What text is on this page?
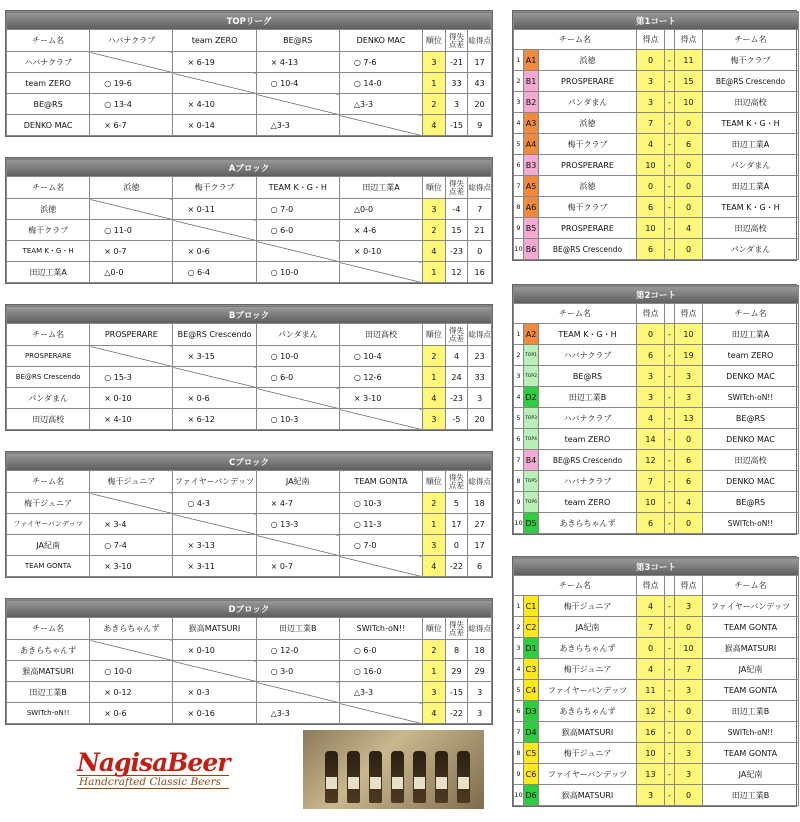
TOPリーグ							
チーム名	ハバナクラブ	team ZERO	BE@RS	DENKO MAC	順位	得失点差	総得点
ハバナクラブ		× 6-19	× 4-13	○ 7-6	3	-21	17
team ZERO	○ 19-6		○ 10-4	○ 14-0	1	33	43
BE@RS	○ 13-4	× 4-10		△3-3	2	3	20
DENKO MAC	× 6-7	× 0-14	△3-3		4	-15	9
Aブロック							
チーム名	浜徳	梅干クラブ	TEAM K・G・H	田辺工業A	順位	得失点差	総得点
浜徳		× 0-11	○ 7-0	△0-0	3	-4	7
梅干クラブ	○ 11-0		○ 6-0	× 4-6	2	15	21
TEAM K・G・H	× 0-7	× 0-6		× 0-10	4	-23	0
田辺工業A	△0-0	○ 6-4	○ 10-0		1	12	16
Bブロック							
チーム名	PROSPERARE	BE@RS Crescendo	パンダまん	田辺高校	順位	得失点差	総得点
PROSPERARE		× 3-15	○ 10-0	○ 10-4	2	4	23
BE@RS Crescendo	○ 15-3		○ 6-0	○ 12-6	1	24	33
パンダまん	× 0-10	× 0-6		× 3-10	4	-23	3
田辺高校	× 4-10	× 6-12	○ 10-3		3	-5	20
Cブロック							
チーム名	梅干ジュニア	ファイヤーバンデッツ	JA紀南	TEAM GONTA	順位	得失点差	総得点
梅干ジュニア		○ 4-3	× 4-7	○ 10-3	2	5	18
ファイヤーバンデッツ	× 3-4		○ 13-3	○ 11-3	1	17	27
JA紀南	○ 7-4	× 3-13		○ 7-0	3	0	17
TEAM GONTA	× 3-10	× 3-11	× 0-7		4	-22	6
Dブロック							
チーム名	あきらちゃんず	猴高MATSURI	田辺工業B	SWITch-oN!!	順位	得失点差	総得点
あきらちゃんず		× 0-10	○ 12-0	○ 6-0	2	8	18
猴高MATSURI	○ 10-0		○ 3-0	○ 16-0	1	29	29
田辺工業B	× 0-12	× 0-3		△3-3	3	-15	3
SWITch-oN!!	× 0-6	× 0-16	△3-3		4	-22	3
第1コート						
チーム名			得点		得点	チーム名
1	A1	浜徳	0	-	11	梅干クラブ
2	B1	PROSPERARE	3	-	15	BE@RS Crescendo
3	B2	パンダまん	3	-	10	田辺高校
4	A3	浜徳	7	-	0	TEAM K・G・H
5	A4	梅干クラブ	4	-	6	田辺工業A
6	B3	PROSPERARE	10	-	0	パンダまん
7	A5	浜徳	0	-	0	田辺工業A
8	A6	梅干クラブ	6	-	0	TEAM K・G・H
9	B5	PROSPERARE	10	-	4	田辺高校
10	B6	BE@RS Crescendo	6	-	0	パンダまん
第2コート						
チーム名			得点		得点	チーム名
1	A2	TEAM K・G・H	0	-	10	田辺工業A
2	TOP1	ハバナクラブ	6	-	19	team ZERO
3	TOP2	BE@RS	3	-	3	DENKO MAC
4	D2	田辺工業B	3	-	3	SWITch-oN!!
5	TOP3	ハバナクラブ	4	-	13	BE@RS
6	TOP4	team ZERO	14	-	0	DENKO MAC
7	B4	BE@RS Crescendo	12	-	6	田辺高校
8	TOP5	ハバナクラブ	7	-	6	DENKO MAC
9	TOP6	team ZERO	10	-	4	BE@RS
10	D5	あきらちゃんず	6	-	0	SWITch-oN!!
第3コート						
チーム名			得点		得点	チーム名
1	C1	梅干ジュニア	4	-	3	ファイヤーバンデッツ
2	C2	JA紀南	7	-	0	TEAM GONTA
3	D1	あきらちゃんず	0	-	10	猴高MATSURI
4	C3	梅干ジュニア	4	-	7	JA紀南
5	C4	ファイヤーバンデッツ	11	-	3	TEAM GONTA
6	D3	あきらちゃんず	12	-	0	田辺工業B
7	D4	猴高MATSURI	16	-	0	SWITch-oN!!
8	C5	梅干ジュニア	10	-	3	TEAM GONTA
9	C6	ファイヤーバンデッツ	13	-	3	JA紀南
10	D6	猴高MATSURI	3	-	0	田辺工業B
NagisaBeer
Handcrafted Classic Beers
